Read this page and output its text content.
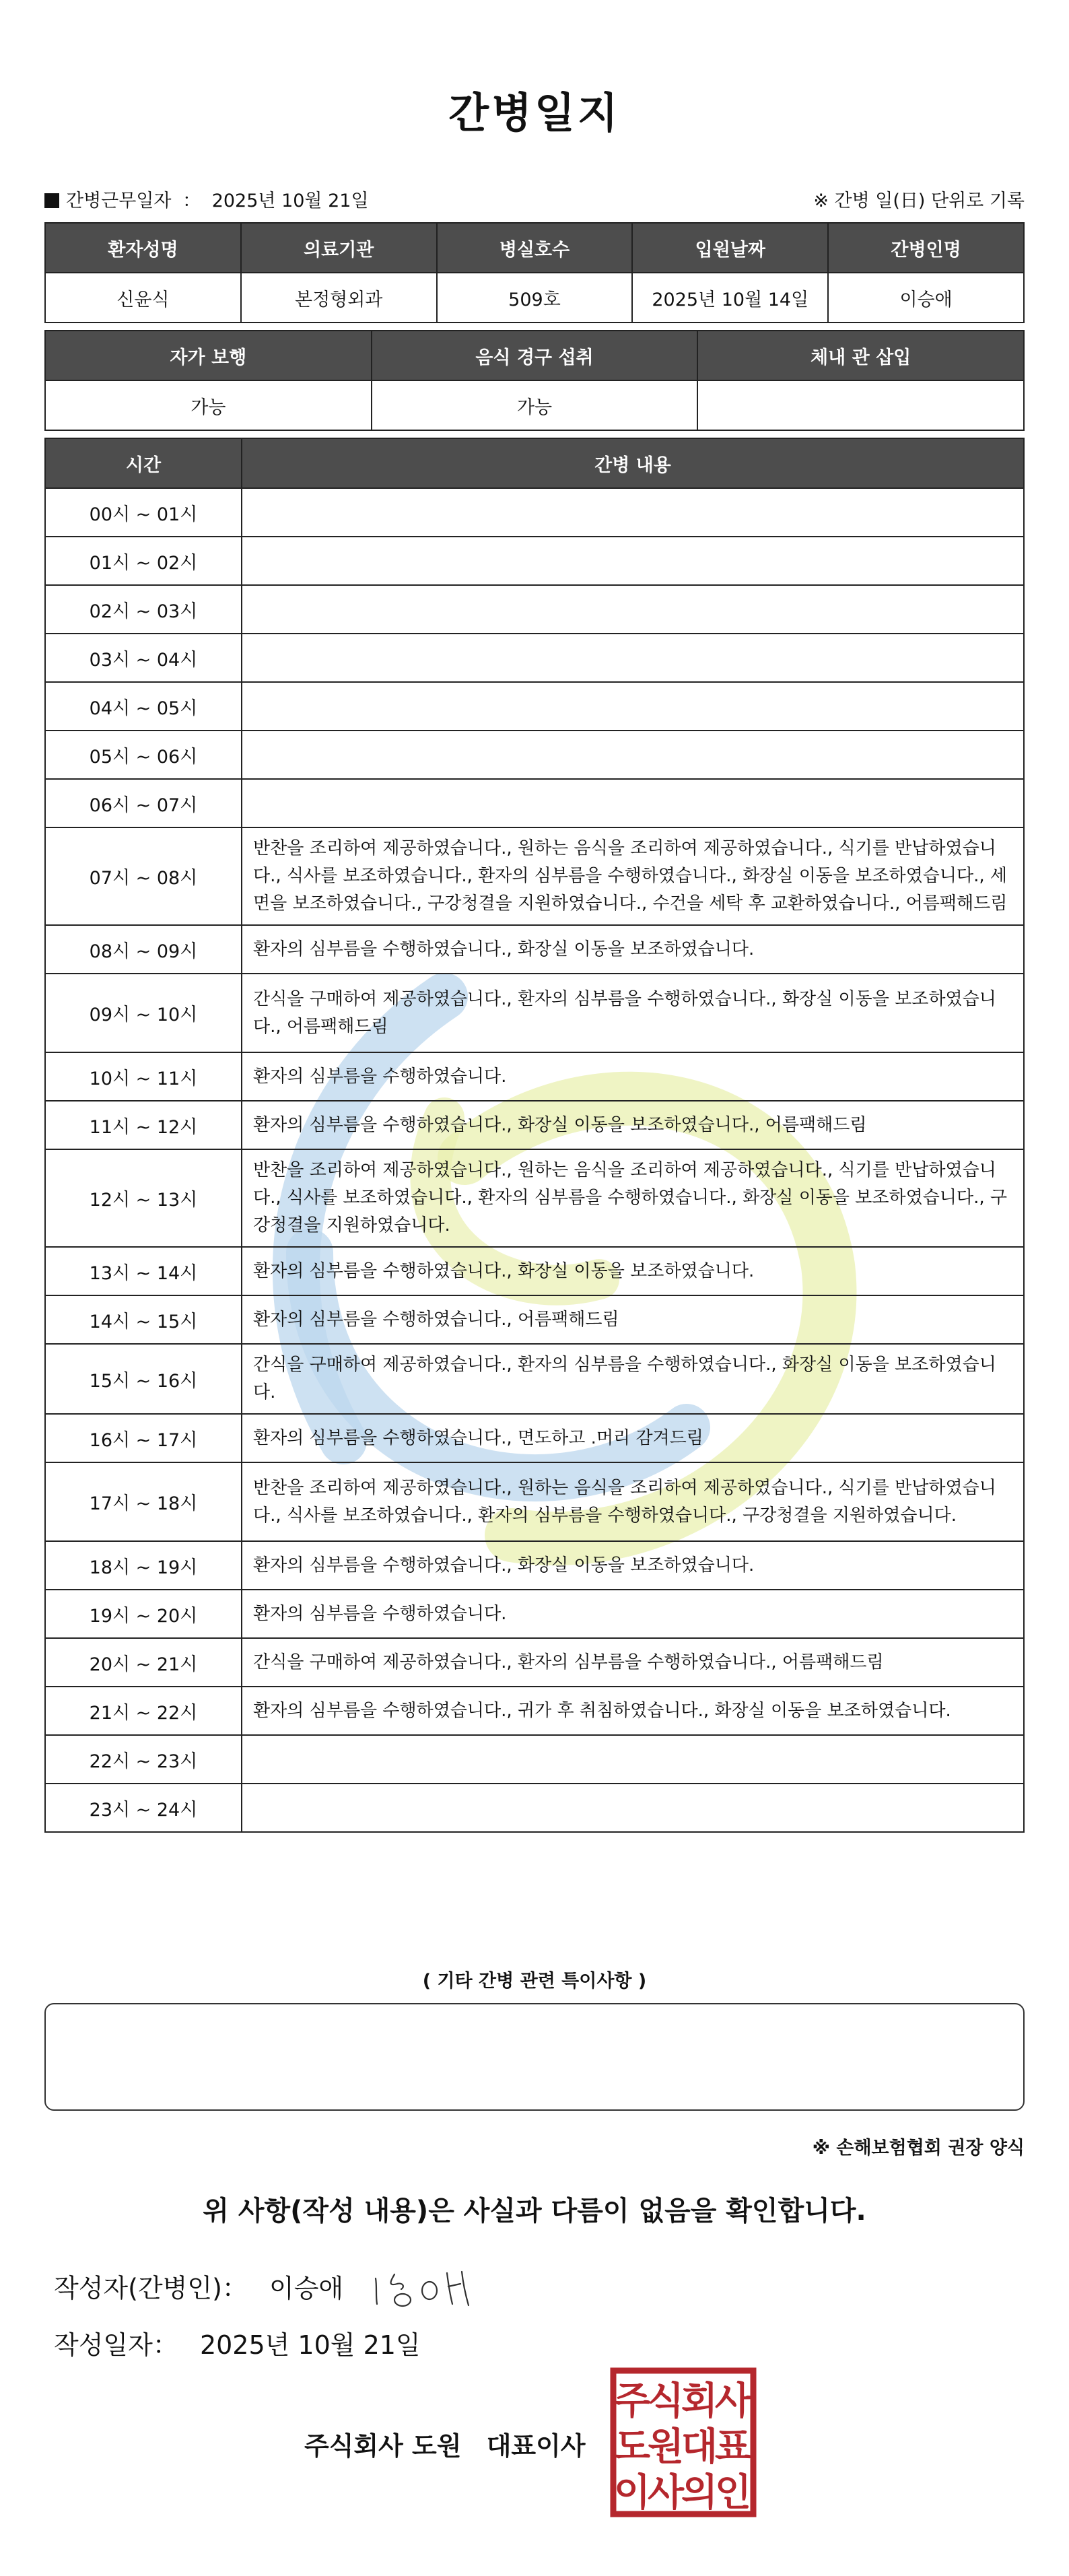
간병일지
간병근무일자 ： 2025년 10월 21일	※ 간병 일(日) 단위로 기록
환자성명	의료기관	병실호수	입원날짜	간병인명
신윤식	본정형외과	509호	2025년 10월 14일	이승애
자가 보행	음식 경구 섭취	체내 관 삽입
가능	가능	
시간	간병 내용
00시 ~ 01시	
01시 ~ 02시	
02시 ~ 03시	
03시 ~ 04시	
04시 ~ 05시	
05시 ~ 06시	
06시 ~ 07시	
07시 ~ 08시	반찬을 조리하여 제공하였습니다., 원하는 음식을 조리하여 제공하였습니다., 식기를 반납하였습니다., 식사를 보조하였습니다., 환자의 심부름을 수행하였습니다., 화장실 이동을 보조하였습니다., 세면을 보조하였습니다., 구강청결을 지원하였습니다., 수건을 세탁 후 교환하였습니다., 어름팩해드림
08시 ~ 09시	환자의 심부름을 수행하였습니다., 화장실 이동을 보조하였습니다.
09시 ~ 10시	간식을 구매하여 제공하였습니다., 환자의 심부름을 수행하였습니다., 화장실 이동을 보조하였습니다., 어름팩해드림
10시 ~ 11시	환자의 심부름을 수행하였습니다.
11시 ~ 12시	환자의 심부름을 수행하였습니다., 화장실 이동을 보조하였습니다., 어름팩해드림
12시 ~ 13시	반찬을 조리하여 제공하였습니다., 원하는 음식을 조리하여 제공하였습니다., 식기를 반납하였습니다., 식사를 보조하였습니다., 환자의 심부름을 수행하였습니다., 화장실 이동을 보조하였습니다., 구강청결을 지원하였습니다.
13시 ~ 14시	환자의 심부름을 수행하였습니다., 화장실 이동을 보조하였습니다.
14시 ~ 15시	환자의 심부름을 수행하였습니다., 어름팩해드림
15시 ~ 16시	간식을 구매하여 제공하였습니다., 환자의 심부름을 수행하였습니다., 화장실 이동을 보조하였습니다.
16시 ~ 17시	환자의 심부름을 수행하였습니다., 면도하고 .머리 감겨드림
17시 ~ 18시	반찬을 조리하여 제공하였습니다., 원하는 음식을 조리하여 제공하였습니다., 식기를 반납하였습니다., 식사를 보조하였습니다., 환자의 심부름을 수행하였습니다., 구강청결을 지원하였습니다.
18시 ~ 19시	환자의 심부름을 수행하였습니다., 화장실 이동을 보조하였습니다.
19시 ~ 20시	환자의 심부름을 수행하였습니다.
20시 ~ 21시	간식을 구매하여 제공하였습니다., 환자의 심부름을 수행하였습니다., 어름팩해드림
21시 ~ 22시	환자의 심부름을 수행하였습니다., 귀가 후 취침하였습니다., 화장실 이동을 보조하였습니다.
22시 ~ 23시	
23시 ~ 24시	
( 기타 간병 관련 특이사항 )
※ 손해보험협회 권장 양식
위 사항(작성 내용)은 사실과 다름이 없음을 확인합니다.
작성자(간병인)： 이승애
작성일자： 2025년 10월 21일
주식회사 도원 대표이사
주
식
회
사
도
원
대
표
이
사
의
인
